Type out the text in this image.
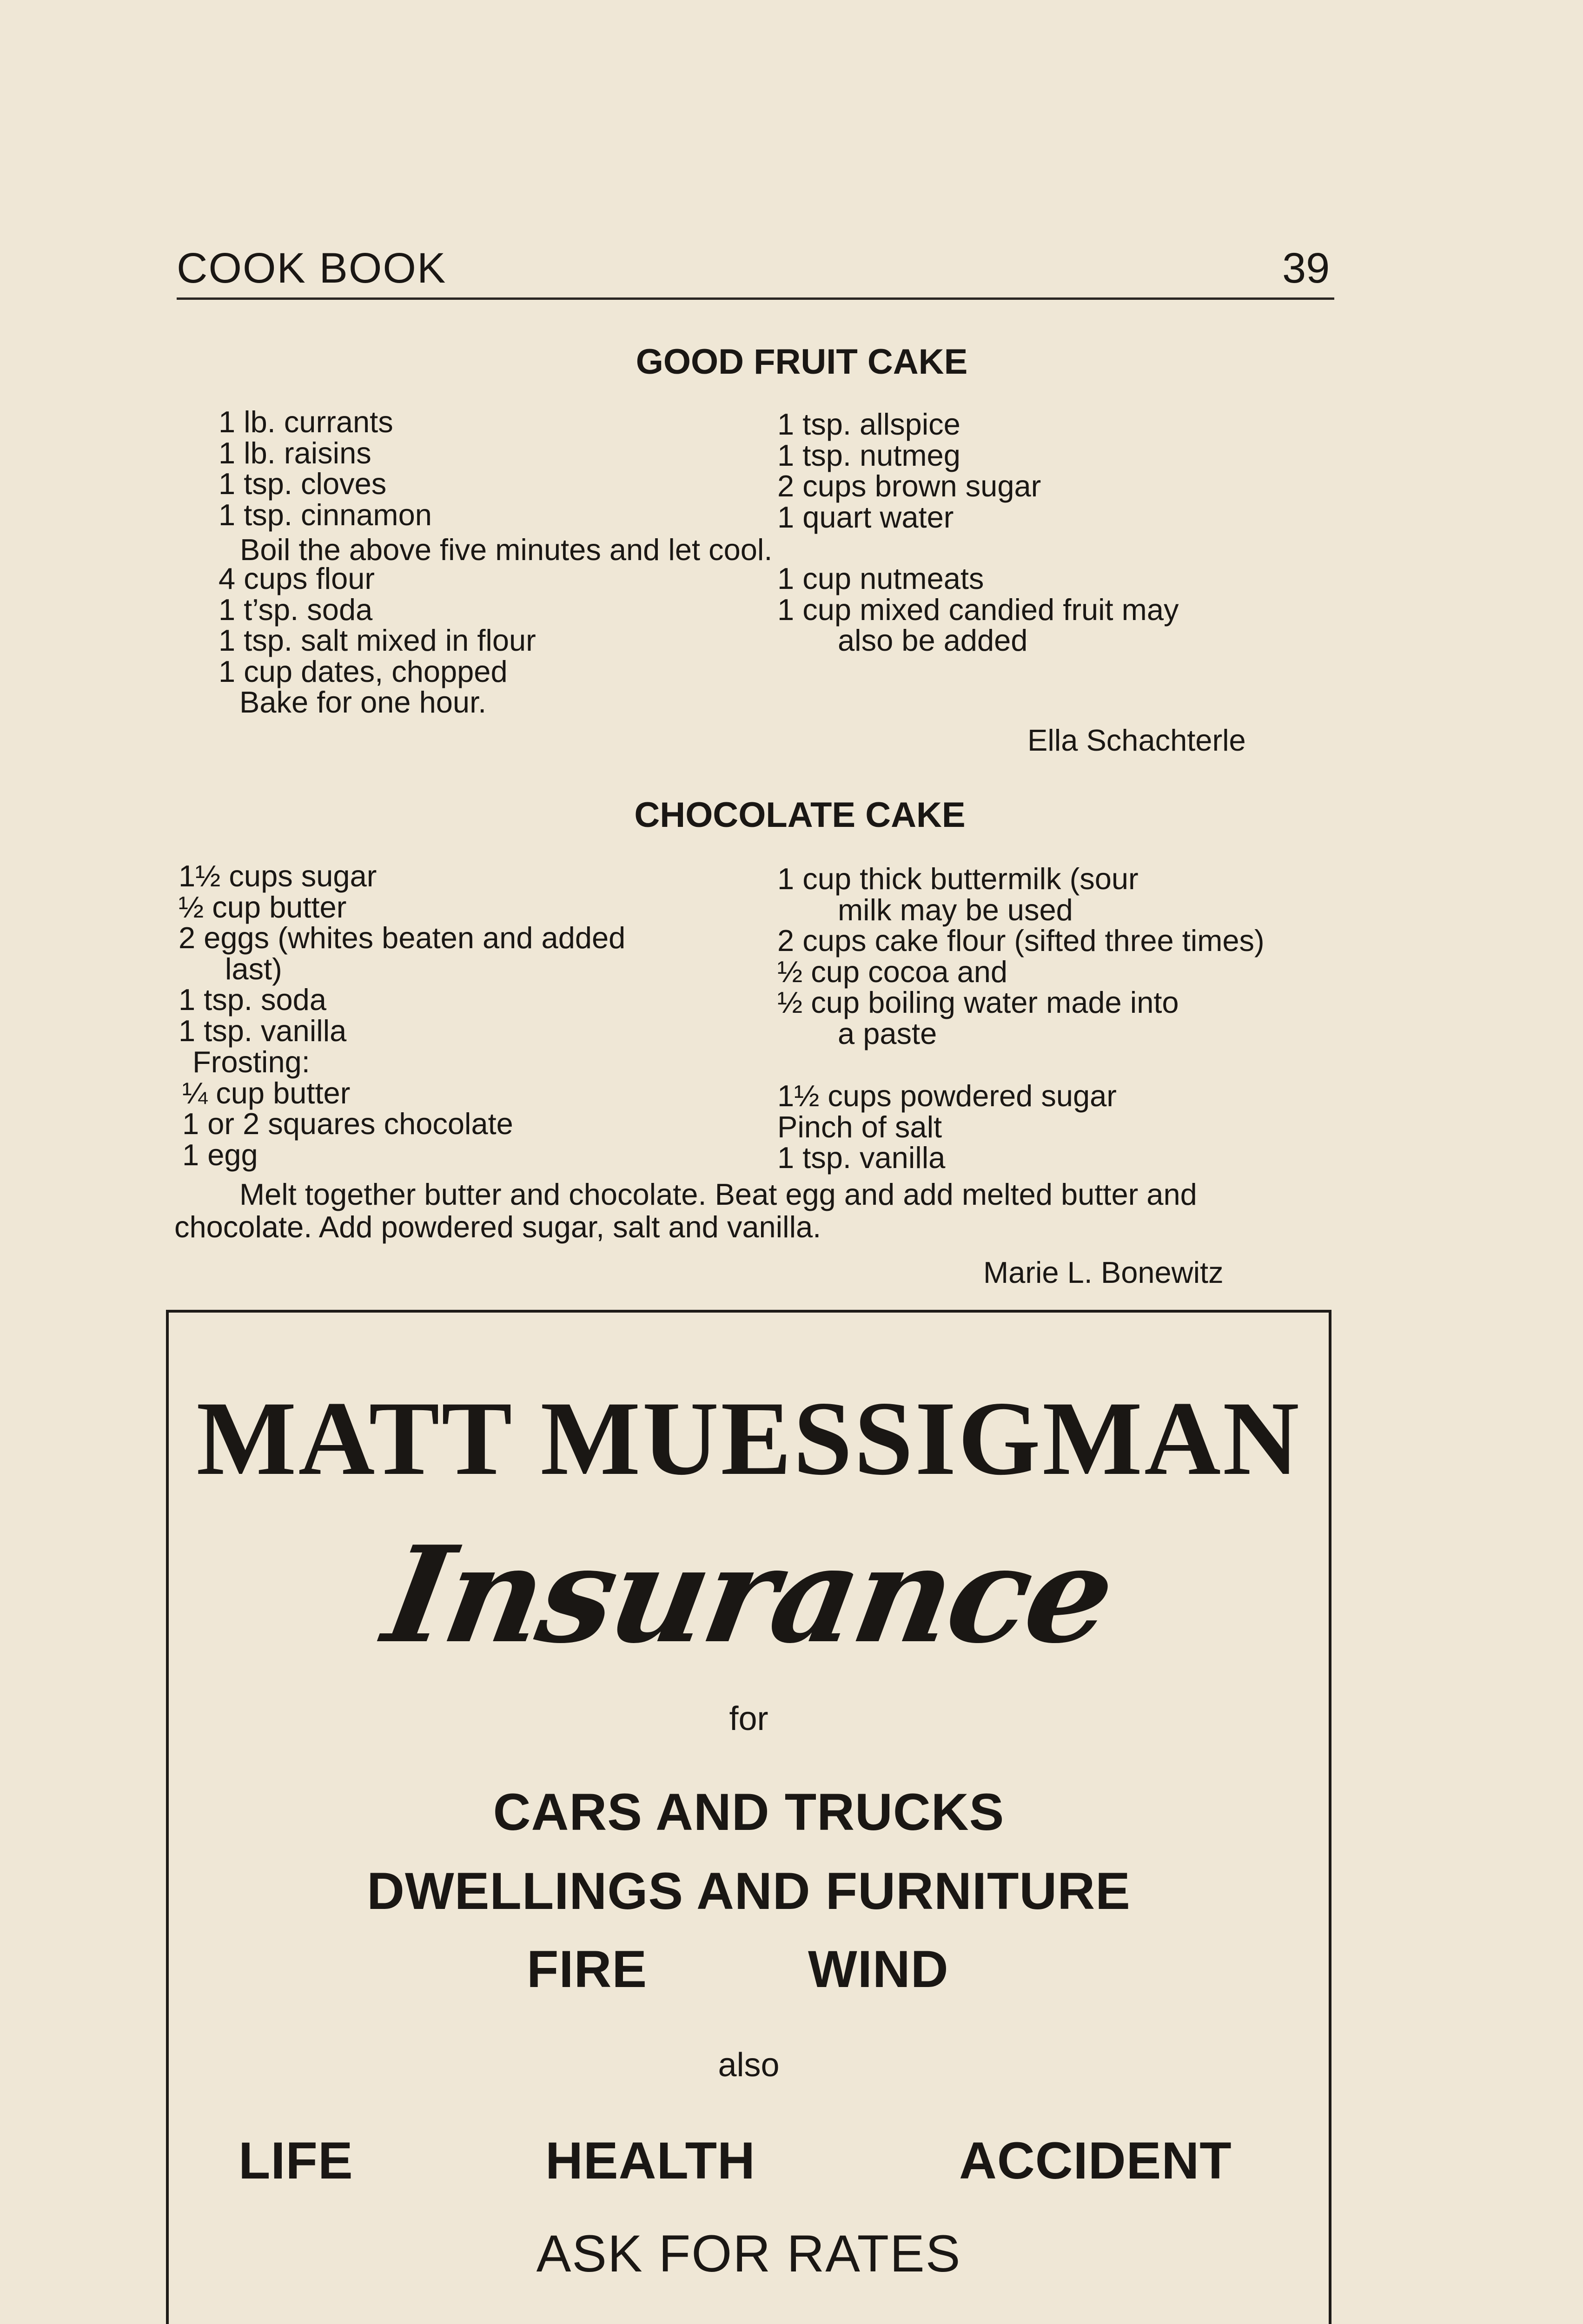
COOK BOOK	39
GOOD FRUIT CAKE
1 lb. currants
1 lb. raisins
1 tsp. cloves
1 tsp. cinnamon
1 tsp. allspice
1 tsp. nutmeg
2 cups brown sugar
1 quart water
Boil the above five minutes and let cool.
4 cups flour
1 t’sp. soda
1 tsp. salt mixed in flour
1 cup dates, chopped
Bake for one hour.
1 cup nutmeats
1 cup mixed candied fruit may
also be added
Ella Schachterle
CHOCOLATE CAKE
1½ cups sugar
½ cup butter
2 eggs (whites beaten and added
last)
1 tsp. soda
1 tsp. vanilla
1 cup thick buttermilk (sour
milk may be used
2 cups cake flour (sifted three times)
½ cup cocoa and
½ cup boiling water made into
a paste
Frosting:
¼ cup butter
1 or 2 squares chocolate
1 egg
1½ cups powdered sugar
Pinch of salt
1 tsp. vanilla
Melt together butter and chocolate. Beat egg and add melted butter and chocolate. Add powdered sugar, salt and vanilla.
Marie L. Bonewitz
MATT MUESSIGMAN
Insurance
for
CARS AND TRUCKS
DWELLINGS AND FURNITURE
FIRE	WIND
also
LIFE	HEALTH	ACCIDENT
ASK FOR RATES
